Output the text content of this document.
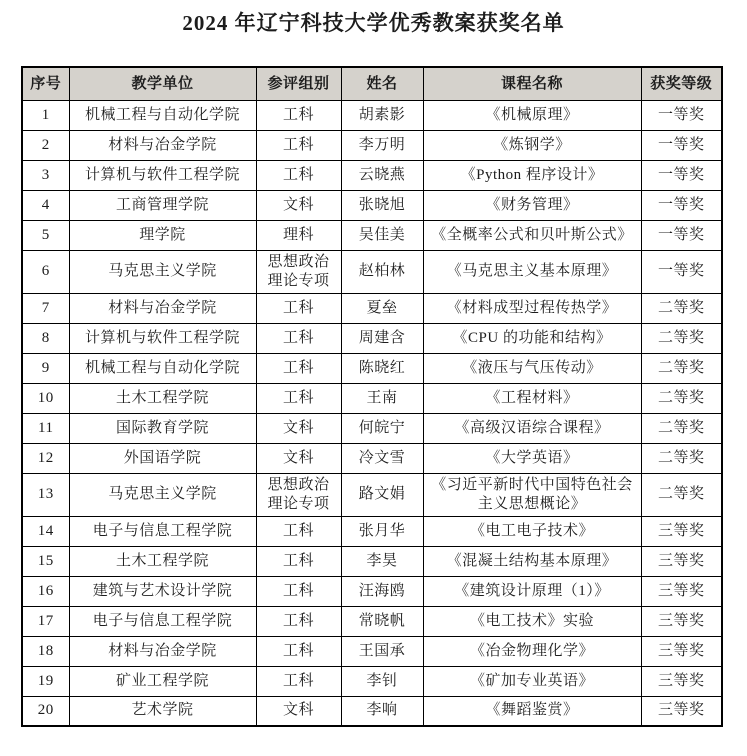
2024 年辽宁科技大学优秀教案获奖名单
序号	教学单位	参评组别	姓名	课程名称	获奖等级
1	机械工程与自动化学院	工科	胡素影	《机械原理》	一等奖
2	材料与冶金学院	工科	李万明	《炼钢学》	一等奖
3	计算机与软件工程学院	工科	云晓燕	《Python 程序设计》	一等奖
4	工商管理学院	文科	张晓旭	《财务管理》	一等奖
5	理学院	理科	吴佳美	《全概率公式和贝叶斯公式》	一等奖
6	马克思主义学院	思想政治理论专项	赵柏林	《马克思主义基本原理》	一等奖
7	材料与冶金学院	工科	夏垒	《材料成型过程传热学》	二等奖
8	计算机与软件工程学院	工科	周建含	《CPU 的功能和结构》	二等奖
9	机械工程与自动化学院	工科	陈晓红	《液压与气压传动》	二等奖
10	土木工程学院	工科	王南	《工程材料》	二等奖
11	国际教育学院	文科	何皖宁	《高级汉语综合课程》	二等奖
12	外国语学院	文科	冷文雪	《大学英语》	二等奖
13	马克思主义学院	思想政治理论专项	路文娟	《习近平新时代中国特色社会主义思想概论》	二等奖
14	电子与信息工程学院	工科	张月华	《电工电子技术》	三等奖
15	土木工程学院	工科	李昊	《混凝土结构基本原理》	三等奖
16	建筑与艺术设计学院	工科	汪海鸥	《建筑设计原理（1）》	三等奖
17	电子与信息工程学院	工科	常晓帆	《电工技术》实验	三等奖
18	材料与冶金学院	工科	王国承	《冶金物理化学》	三等奖
19	矿业工程学院	工科	李钊	《矿加专业英语》	三等奖
20	艺术学院	文科	李响	《舞蹈鉴赏》	三等奖
